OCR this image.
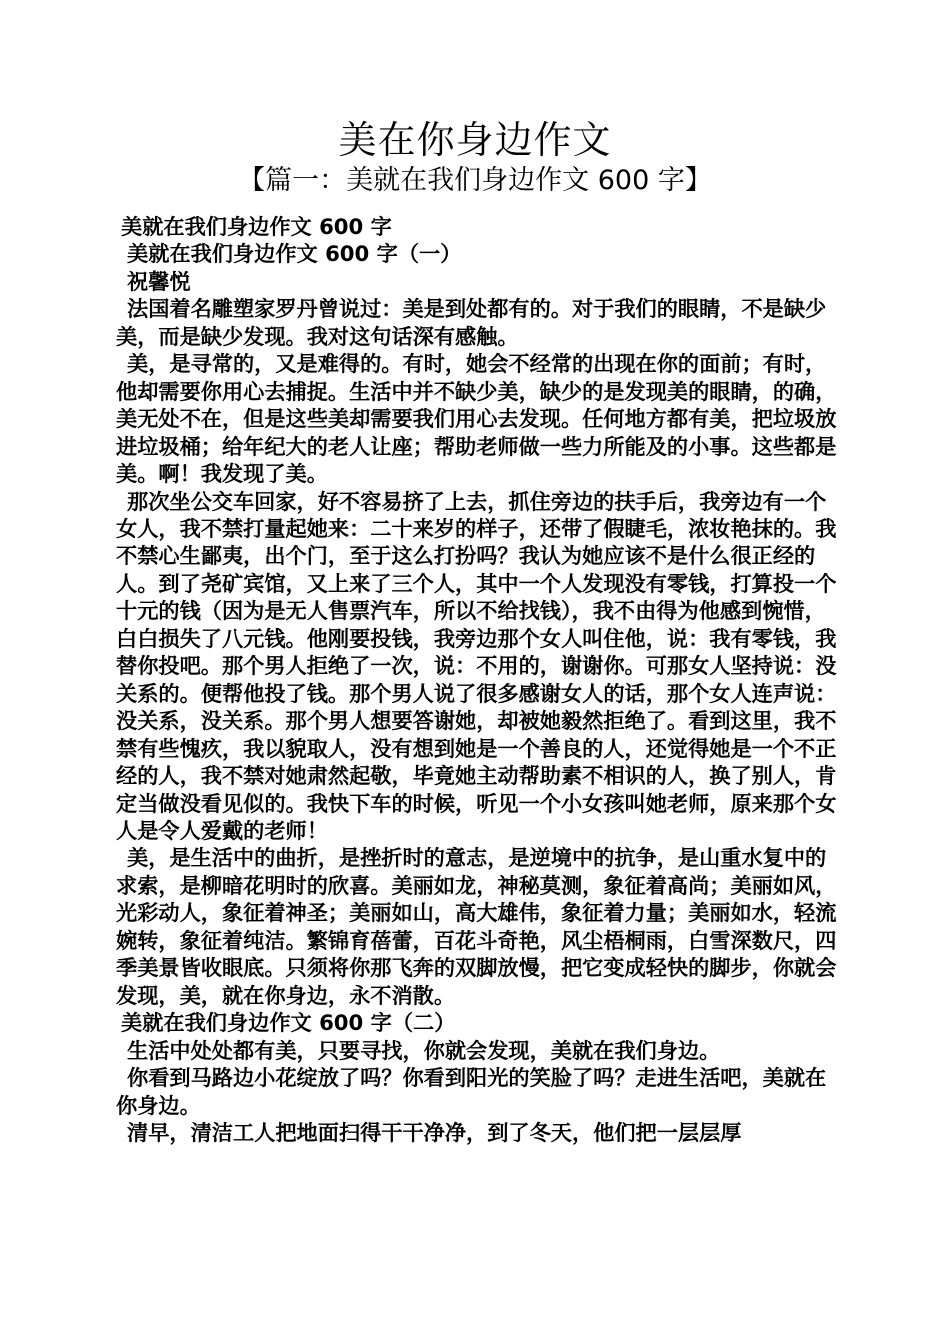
美在你身边作文
【篇一：美就在我们身边作文 600 字】

美就在我们身边作文 600 字

美就在我们身边作文 600 字（一）

祝馨悦

法国着名雕塑家罗丹曾说过：美是到处都有的。对于我们的眼睛，不是缺少美，而是缺少发现。我对这句话深有感触。

美，是寻常的，又是难得的。有时，她会不经常的出现在你的面前；有时，他却需要你用心去捕捉。生活中并不缺少美，缺少的是发现美的眼睛，的确，美无处不在，但是这些美却需要我们用心去发现。任何地方都有美，把垃圾放进垃圾桶；给年纪大的老人让座；帮助老师做一些力所能及的小事。这些都是美。啊！我发现了美。

那次坐公交车回家，好不容易挤了上去，抓住旁边的扶手后，我旁边有一个女人，我不禁打量起她来：二十来岁的样子，还带了假睫毛，浓妆艳抹的。我不禁心生鄙夷，出个门，至于这么打扮吗？我认为她应该不是什么很正经的人。到了尧矿宾馆，又上来了三个人，其中一个人发现没有零钱，打算投一个十元的钱（因为是无人售票汽车，所以不给找钱），我不由得为他感到惋惜，白白损失了八元钱。他刚要投钱，我旁边那个女人叫住他，说：我有零钱，我替你投吧。那个男人拒绝了一次，说：不用的，谢谢你。可那女人坚持说：没关系的。便帮他投了钱。那个男人说了很多感谢女人的话，那个女人连声说：没关系，没关系。那个男人想要答谢她，却被她毅然拒绝了。看到这里，我不禁有些愧疚，我以貌取人，没有想到她是一个善良的人，还觉得她是一个不正经的人，我不禁对她肃然起敬，毕竟她主动帮助素不相识的人，换了别人，肯定当做没看见似的。我快下车的时候，听见一个小女孩叫她老师，原来那个女人是令人爱戴的老师！

美，是生活中的曲折，是挫折时的意志，是逆境中的抗争，是山重水复中的求索，是柳暗花明时的欣喜。美丽如龙，神秘莫测，象征着高尚；美丽如风，光彩动人，象征着神圣；美丽如山，高大雄伟，象征着力量；美丽如水，轻流婉转，象征着纯洁。繁锦育蓓蕾，百花斗奇艳，风尘梧桐雨，白雪深数尺，四季美景皆收眼底。只须将你那飞奔的双脚放慢，把它变成轻快的脚步，你就会发现，美，就在你身边，永不消散。

美就在我们身边作文 600 字（二）

生活中处处都有美，只要寻找，你就会发现，美就在我们身边。

你看到马路边小花绽放了吗？你看到阳光的笑脸了吗？走进生活吧，美就在你身边。

清早，清洁工人把地面扫得干干净净，到了冬天，他们把一层层厚
